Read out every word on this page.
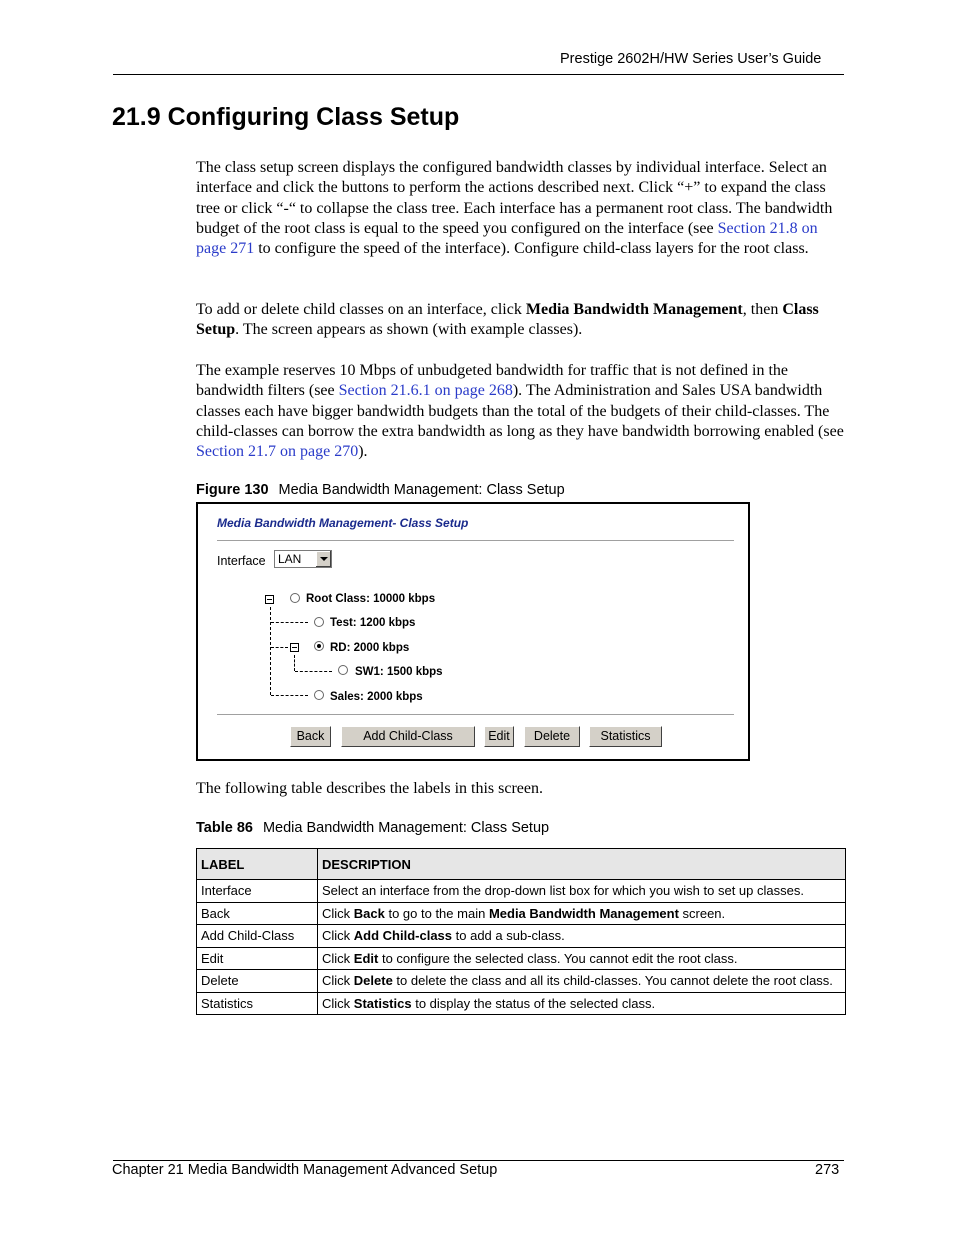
Prestige 2602H/HW Series User’s Guide
21.9 Configuring Class Setup
The class setup screen displays the configured bandwidth classes by individual interface. Select an interface and click the buttons to perform the actions described next. Click “+” to expand the class tree or click “-“ to collapse the class tree. Each interface has a permanent root class. The bandwidth budget of the root class is equal to the speed you configured on the interface (see Section 21.8 on page 271 to configure the speed of the interface). Configure child-class layers for the root class.
To add or delete child classes on an interface, click Media Bandwidth Management, then Class Setup. The screen appears as shown (with example classes).
The example reserves 10 Mbps of unbudgeted bandwidth for traffic that is not defined in the bandwidth filters (see Section 21.6.1 on page 268). The Administration and Sales USA bandwidth classes each have bigger bandwidth budgets than the total of the budgets of their child-classes. The child-classes can borrow the extra bandwidth as long as they have bandwidth borrowing enabled (see Section 21.7 on page 270).
Figure 130 Media Bandwidth Management: Class Setup
Media Bandwidth Management- Class Setup
Interface LAN
Root Class: 10000 kbps
Test: 1200 kbps
RD: 2000 kbps
SW1: 1500 kbps
Sales: 2000 kbps
Back	Add Child-Class	Edit	Delete	Statistics
The following table describes the labels in this screen.
Table 86 Media Bandwidth Management: Class Setup
LABEL	DESCRIPTION
Interface	Select an interface from the drop-down list box for which you wish to set up classes.
Back	Click Back to go to the main Media Bandwidth Management screen.
Add Child-Class	Click Add Child-class to add a sub-class.
Edit	Click Edit to configure the selected class. You cannot edit the root class.
Delete	Click Delete to delete the class and all its child-classes. You cannot delete the root class.
Statistics	Click Statistics to display the status of the selected class.
Chapter 21 Media Bandwidth Management Advanced Setup	273
